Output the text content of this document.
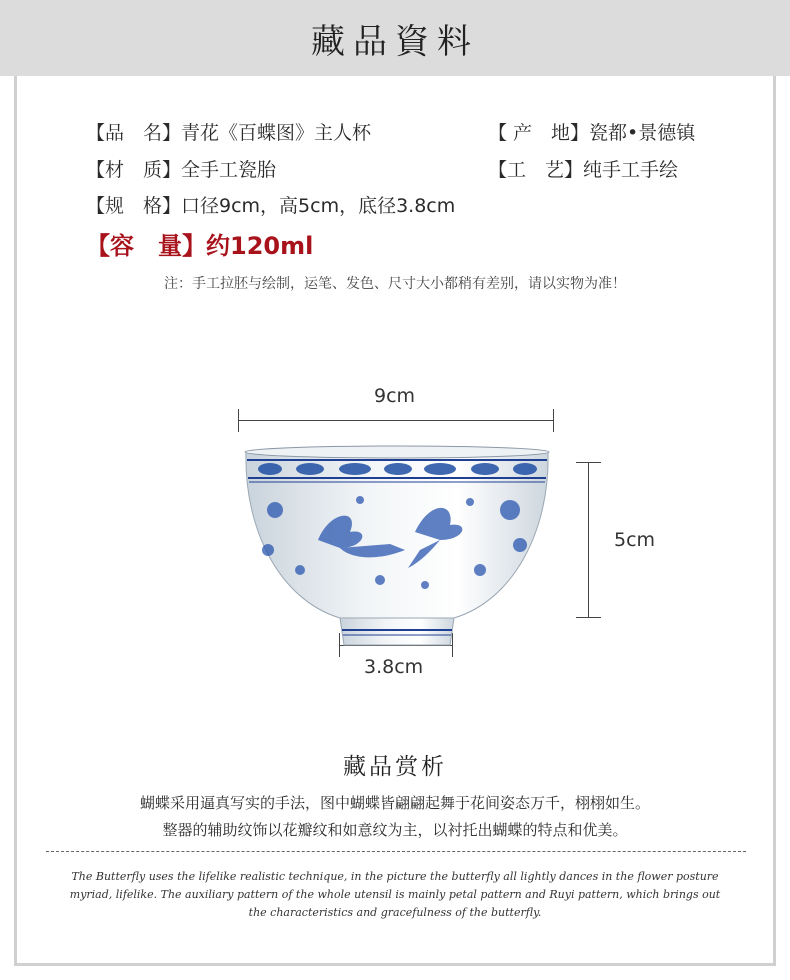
藏品資料
【品　名】青花《百蝶图》主人杯	【 产　地】瓷都•景德镇
【材　质】全手工瓷胎	【工　艺】纯手工手绘
【规　格】口径9cm，高5cm，底径3.8cm
【容　量】约120ml
注：手工拉胚与绘制，运笔、发色、尺寸大小都稍有差别，请以实物为准！
9cm
5cm
3.8cm
藏品赏析
蝴蝶采用逼真写实的手法，图中蝴蝶皆翩翩起舞于花间姿态万千，栩栩如生。
整器的辅助纹饰以花瓣纹和如意纹为主，以衬托出蝴蝶的特点和优美。
The Butterfly uses the lifelike realistic technique, in the picture the butterfly all lightly dances in the flower posture myriad, lifelike. The auxiliary pattern of the whole utensil is mainly petal pattern and Ruyi pattern, which brings out the characteristics and gracefulness of the butterfly.
